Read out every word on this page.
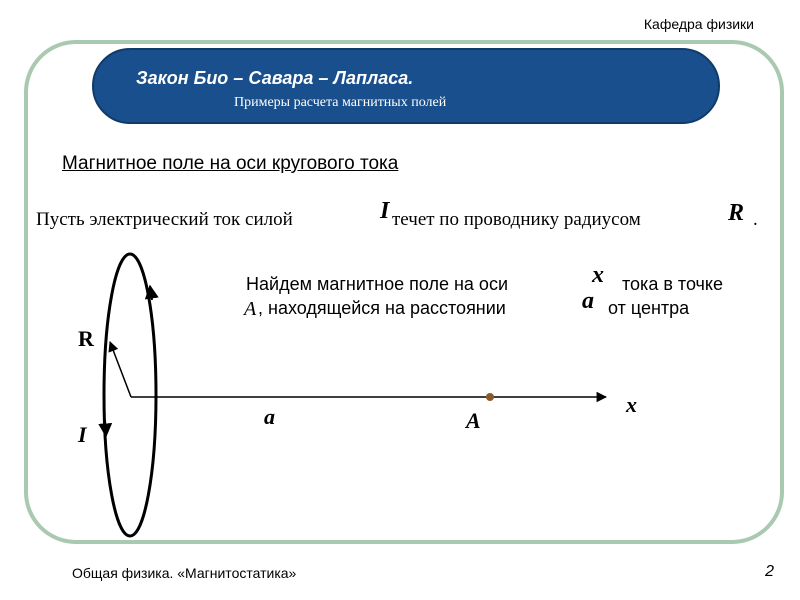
Кафедра физики
Закон Био – Савара – Лапласа.
Примеры расчета магнитных полей
Магнитное поле на оси кругового тока
Пусть электрический ток силой	течет по проводнику радиусом	.
I	R
Найдем магнитное поле на оси	x тока в точке
A , находящейся на расстоянии	a от центра
R
I
a	A
x
Общая физика. «Магнитостатика»	2
